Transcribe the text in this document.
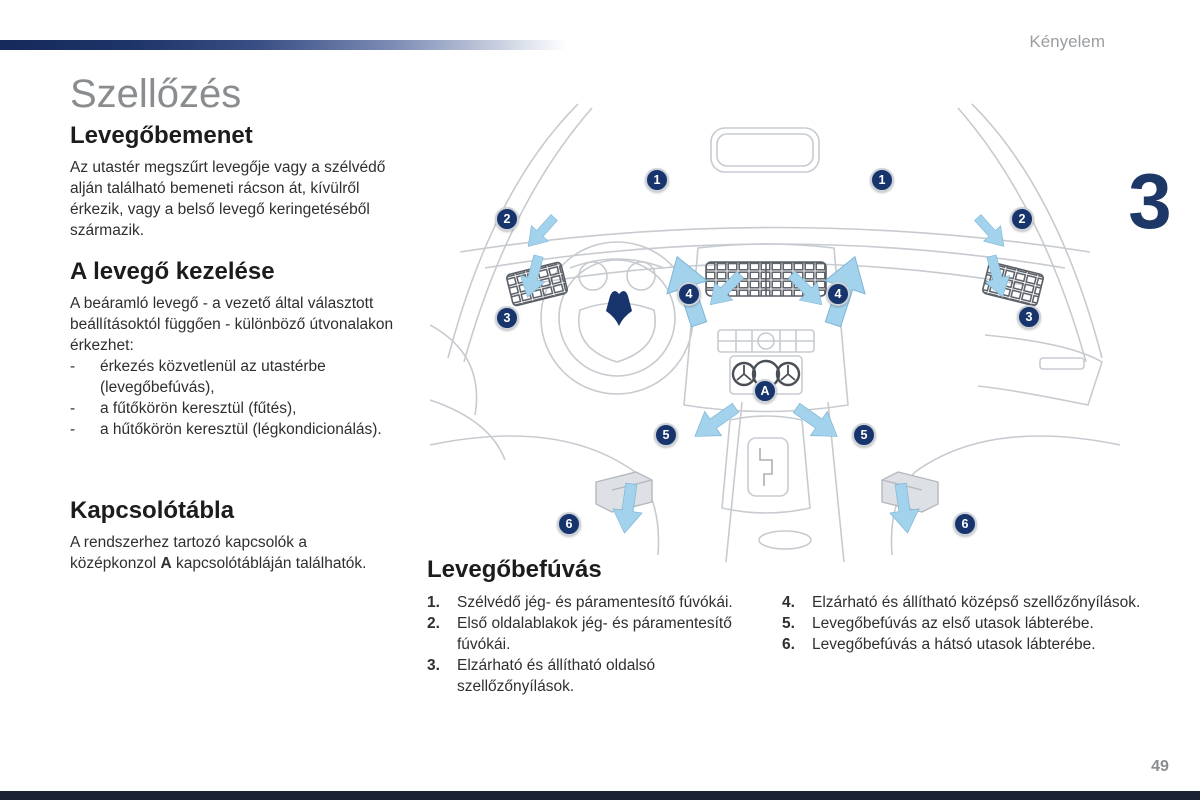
Kényelem
3
Szellőzés
Levegőbemenet
Az utastér megszűrt levegője vagy a szélvédő alján található bemeneti rácson át, kívülről érkezik, vagy a belső levegő keringetéséből származik.
A levegő kezelése
A beáramló levegő - a vezető által választott beállításoktól függően - különböző útvonalakon érkezhet:
-	érkezés közvetlenül az utastérbe (levegőbefúvás),
-	a fűtőkörön keresztül (fűtés),
-	a hűtőkörön keresztül (légkondicionálás).
Kapcsolótábla
A rendszerhez tartozó kapcsolók a középkonzol A kapcsolótábláján találhatók.	Levegőbefúvás
1.	Szélvédő jég- és páramentesítő fúvókái.
2.	Első oldalablakok jég- és páramentesítő fúvókái.
3.	Elzárható és állítható oldalsó szellőzőnyílások.
4.	Elzárható és állítható középső szellőzőnyílások.
5.	Levegőbefúvás az első utasok lábterébe.
6.	Levegőbefúvás a hátsó utasok lábterébe.
1	1
2	2
3	3
4	4
A
5	5
6	6
49
